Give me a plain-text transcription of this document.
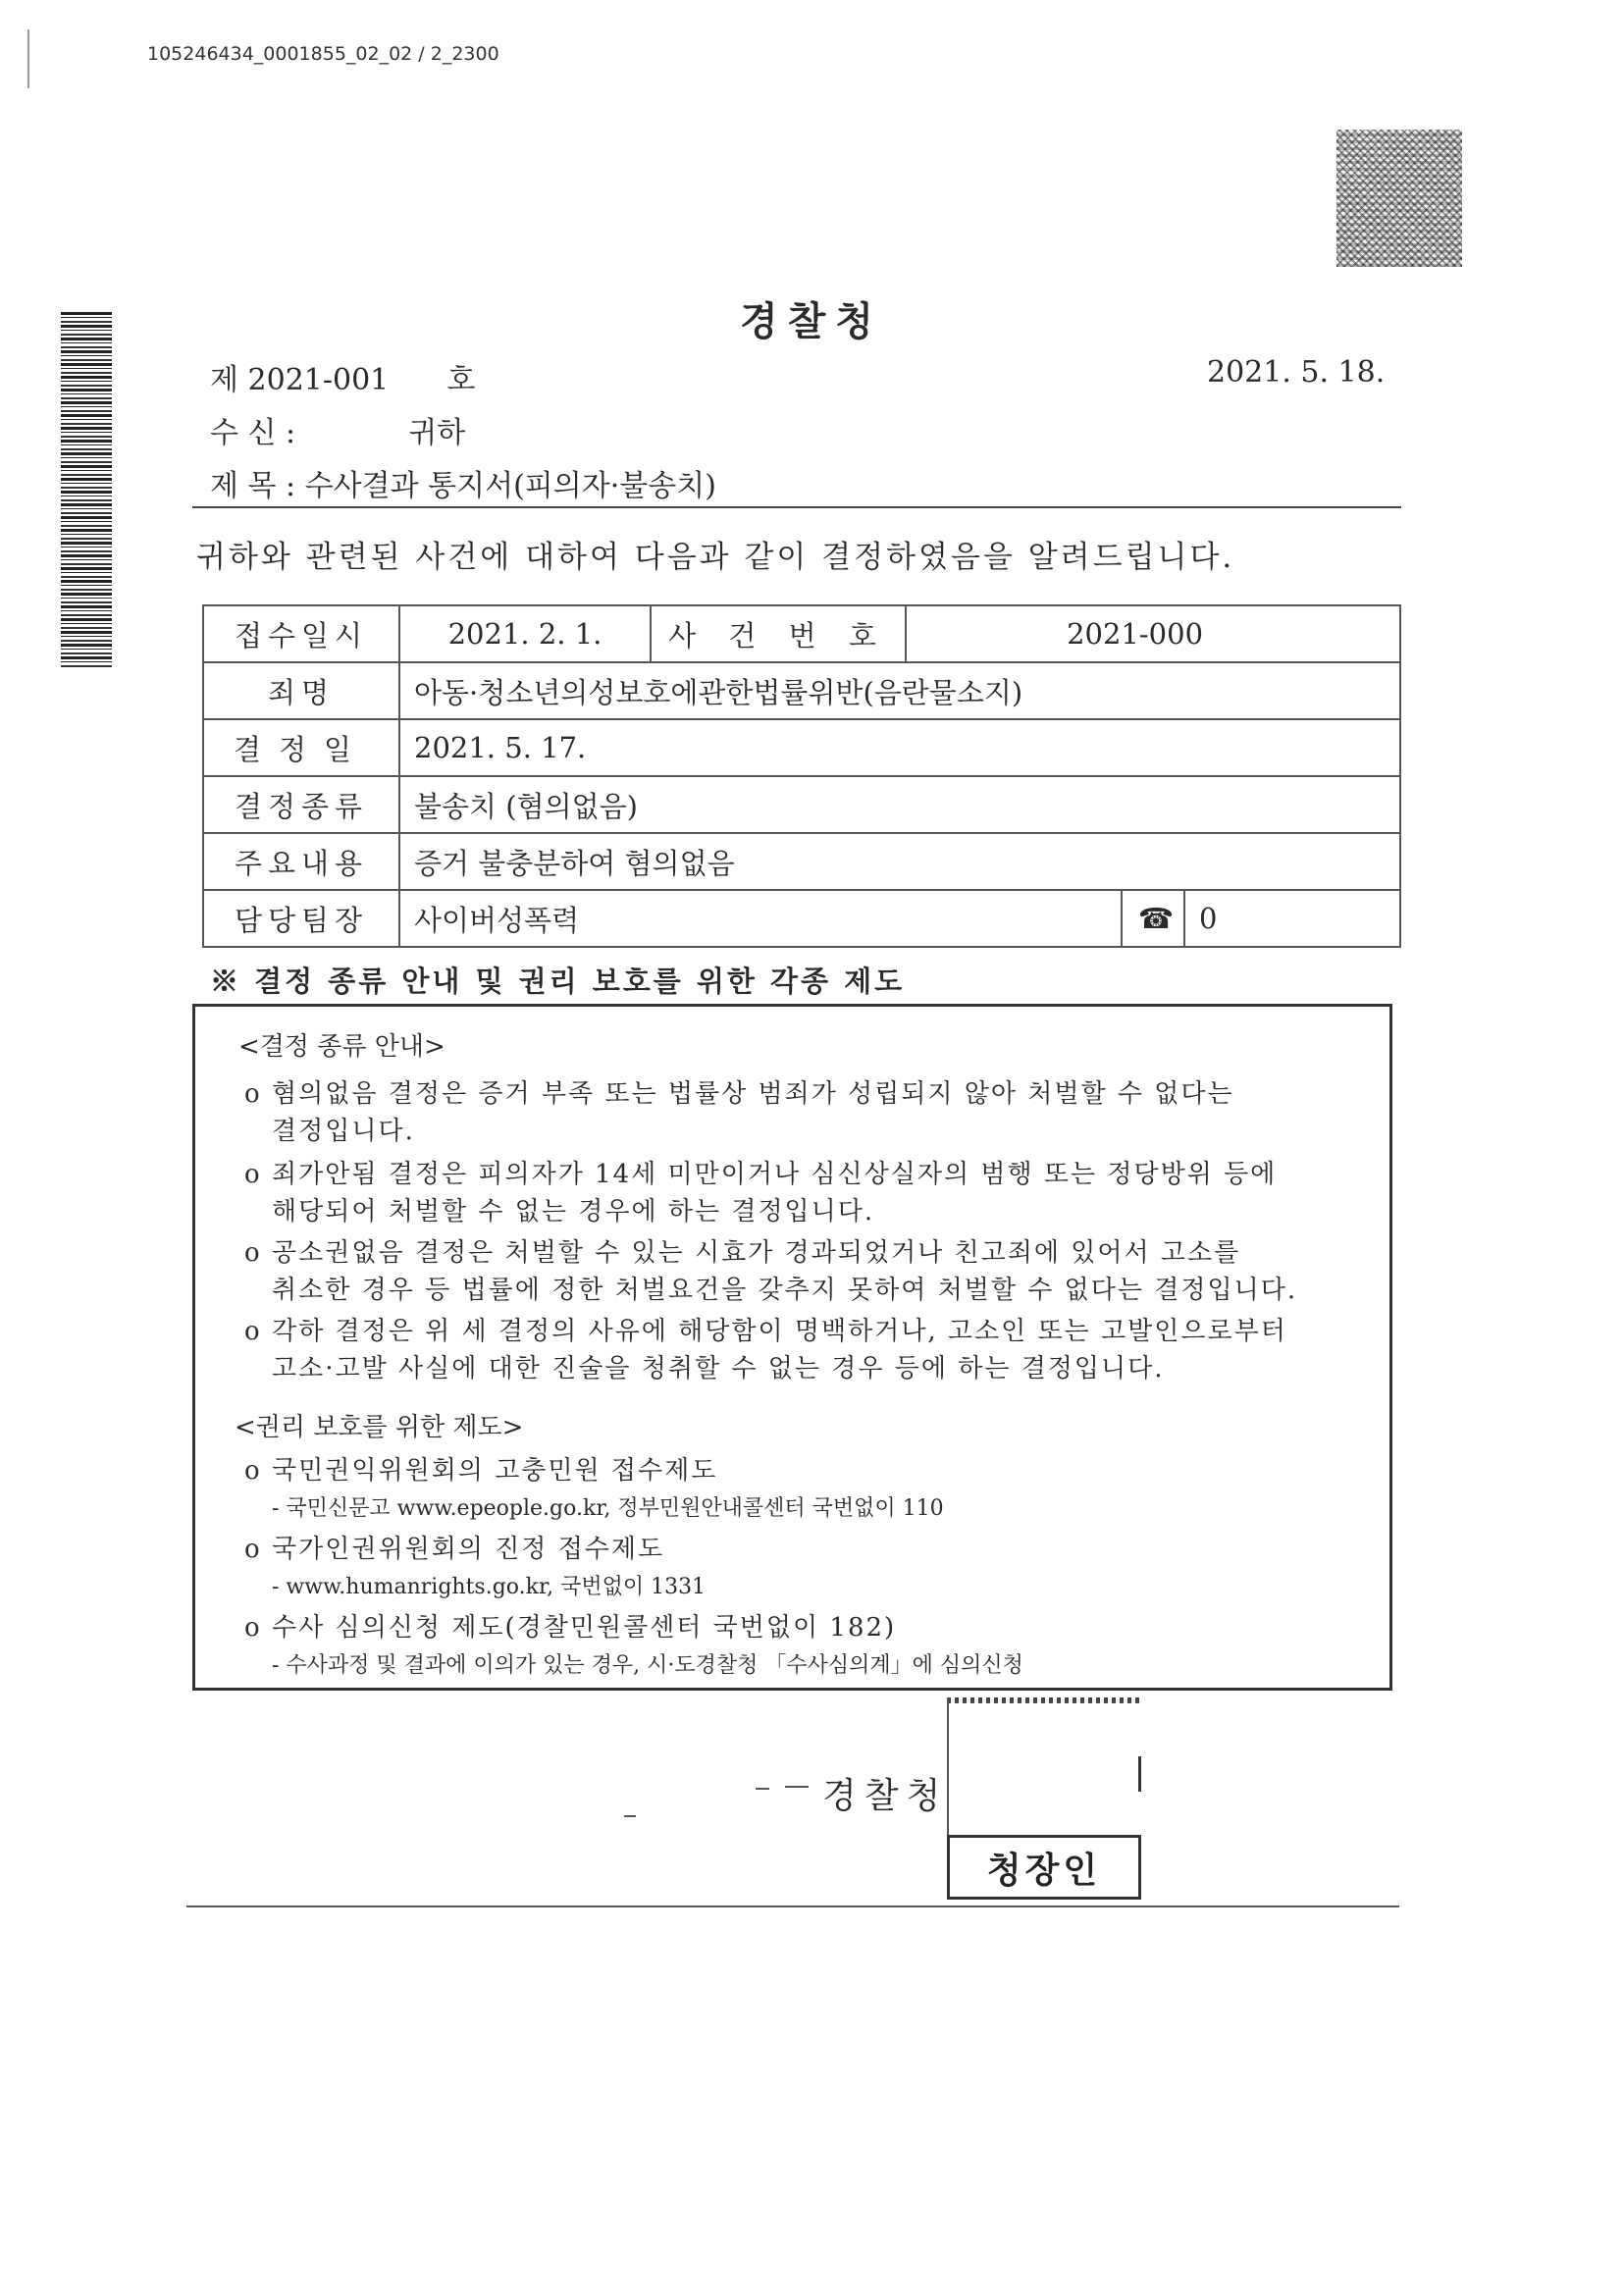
105246434_0001855_02_02 / 2_2300
경찰청
제 2021-001 호	2021. 5. 18.
수 신 :	귀하
제 목 : 수사결과 통지서(피의자·불송치)
귀하와 관련된 사건에 대하여 다음과 같이 결정하였음을 알려드립니다.
접수일시	2021. 2. 1.	사 건 번 호	2021-000		
죄명	아동·청소년의성보호에관한법률위반(음란물소지)				
결정일	2021. 5. 17.				
결정종류	불송치 (혐의없음)				
주요내용	증거 불충분하여 혐의없음				
담당팀장	사이버성폭력			☎	0
※ 결정 종류 안내 및 권리 보호를 위한 각종 제도
<결정 종류 안내>
o 혐의없음 결정은 증거 부족 또는 법률상 범죄가 성립되지 않아 처벌할 수 없다는
결정입니다.
o 죄가안됨 결정은 피의자가 14세 미만이거나 심신상실자의 범행 또는 정당방위 등에
해당되어 처벌할 수 없는 경우에 하는 결정입니다.
o 공소권없음 결정은 처벌할 수 있는 시효가 경과되었거나 친고죄에 있어서 고소를
취소한 경우 등 법률에 정한 처벌요건을 갖추지 못하여 처벌할 수 없다는 결정입니다.
o 각하 결정은 위 세 결정의 사유에 해당함이 명백하거나, 고소인 또는 고발인으로부터
고소·고발 사실에 대한 진술을 청취할 수 없는 경우 등에 하는 결정입니다.
<권리 보호를 위한 제도>
o 국민권익위원회의 고충민원 접수제도
- 국민신문고 www.epeople.go.kr, 정부민원안내콜센터 국번없이 110
o 국가인권위원회의 진정 접수제도
- www.humanrights.go.kr, 국번없이 1331
o 수사 심의신청 제도(경찰민원콜센터 국번없이 182)
- 수사과정 및 결과에 이의가 있는 경우, 시·도경찰청 「수사심의계」에 심의신청
경찰청
청장인
